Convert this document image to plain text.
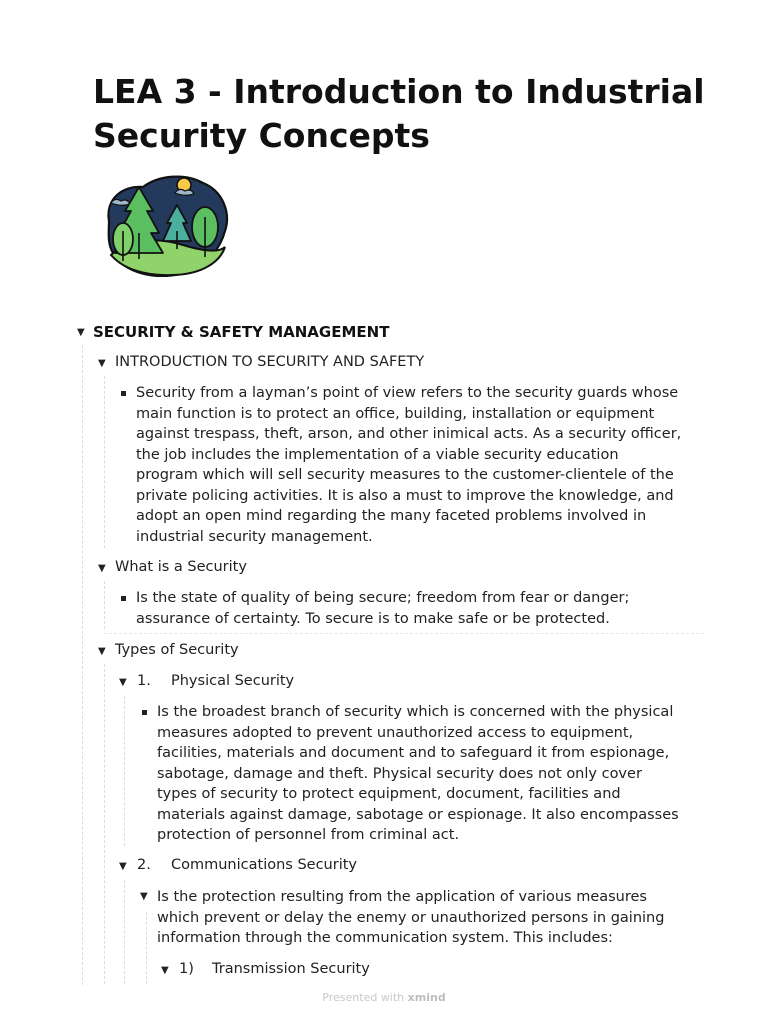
LEA 3 - Introduction to Industrial Security Concepts
▼ SECURITY & SAFETY MANAGEMENT
▼ INTRODUCTION TO SECURITY AND SAFETY
Security from a layman’s point of view refers to the security guards whose main function is to protect an office, building, installation or equipment against trespass, theft, arson, and other inimical acts. As a security officer, the job includes the implementation of a viable security education program which will sell security measures to the customer-clientele of the private policing activities. It is also a must to improve the knowledge, and adopt an open mind regarding the many faceted problems involved in industrial security management.
▼ What is a Security
Is the state of quality of being secure; freedom from fear or danger; assurance of certainty. To secure is to make safe or be protected.
▼ Types of Security
▼ 1. Physical Security
Is the broadest branch of security which is concerned with the physical measures adopted to prevent unauthorized access to equipment, facilities, materials and document and to safeguard it from espionage, sabotage, damage and theft. Physical security does not only cover types of security to protect equipment, document, facilities and materials against damage, sabotage or espionage. It also encompasses protection of personnel from criminal act.
▼ 2. Communications Security
▼ Is the protection resulting from the application of various measures which prevent or delay the enemy or unauthorized persons in gaining information through the communication system. This includes:
▼ 1) Transmission Security
Presented with xmind
